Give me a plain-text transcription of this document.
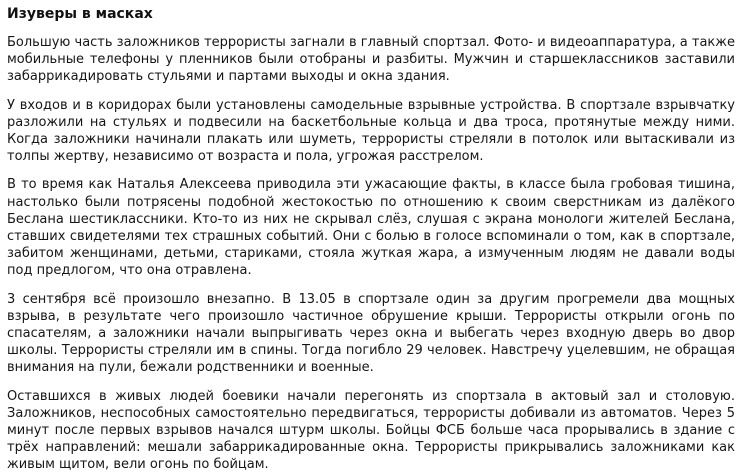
Изуверы в масках

Большую часть заложников террористы загнали в главный спортзал. Фото- и видеоаппаратура, а также мобильные телефоны у пленников были отобраны и разбиты. Мужчин и старшеклассников заставили забаррикадировать стульями и партами выходы и окна здания.

У входов и в коридорах были установлены самодельные взрывные устройства. В спортзале взрывчатку разложили на стульях и подвесили на баскетбольные кольца и два троса, протянутые между ними. Когда заложники начинали плакать или шуметь, террористы стреляли в потолок или вытаскивали из толпы жертву, независимо от возраста и пола, угрожая расстрелом.

В то время как Наталья Алексеева приводила эти ужасающие факты, в классе была гробовая тишина, настолько были потрясены подобной жестокостью по отношению к своим сверстникам из далёкого Беслана шестиклассники. Кто-то из них не скрывал слёз, слушая с экрана монологи жителей Беслана, ставших свидетелями тех страшных событий. Они с болью в голосе вспоминали о том, как в спортзале, забитом женщинами, детьми, стариками, стояла жуткая жара, а измученным людям не давали воды под предлогом, что она отравлена.

3 сентября всё произошло внезапно. В 13.05 в спортзале один за другим прогремели два мощных взрыва, в результате чего произошло частичное обрушение крыши. Террористы открыли огонь по спасателям, а заложники начали выпрыгивать через окна и выбегать через входную дверь во двор школы. Террористы стреляли им в спины. Тогда погибло 29 человек. Навстречу уцелевшим, не обращая внимания на пули, бежали родственники и военные.

Оставшихся в живых людей боевики начали перегонять из спортзала в актовый зал и столовую. Заложников, неспособных самостоятельно передвигаться, террористы добивали из автоматов. Через 5 минут после первых взрывов начался штурм школы. Бойцы ФСБ больше часа прорывались в здание с трёх направлений: мешали забаррикадированные окна. Террористы прикрывались заложниками как живым щитом, вели огонь по бойцам.
